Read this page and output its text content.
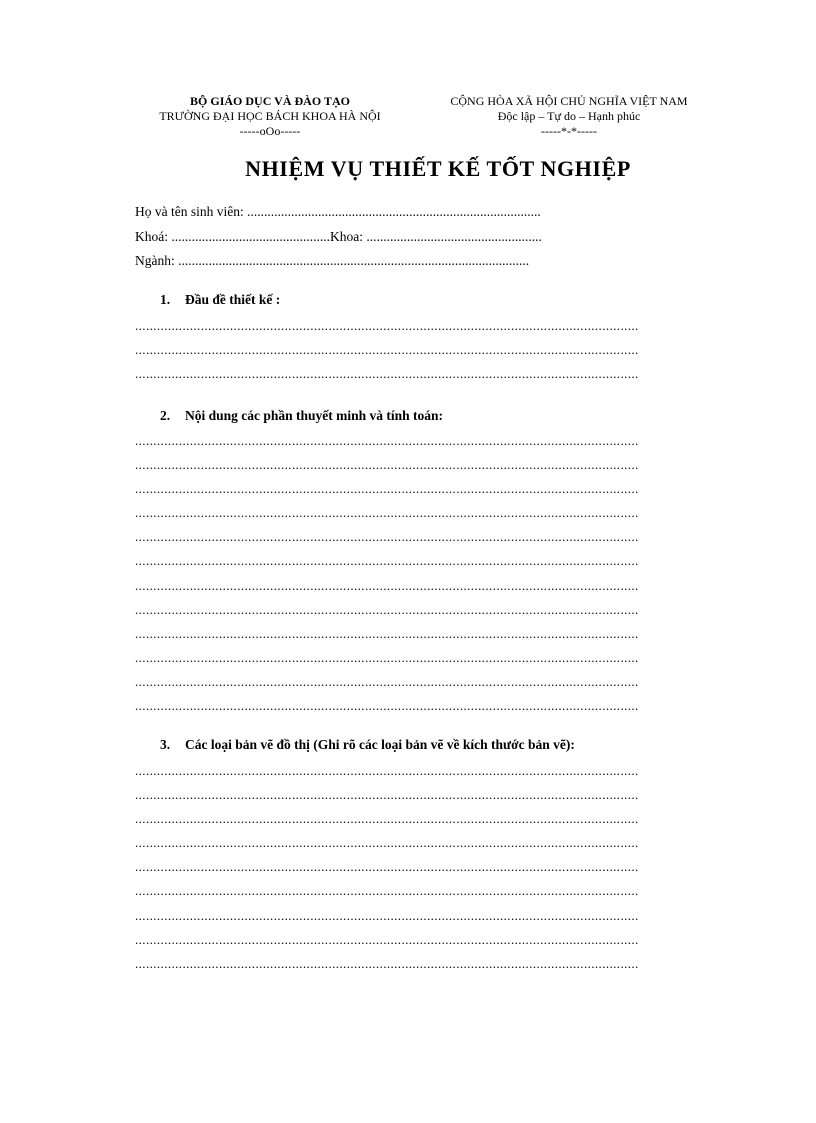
BỘ GIÁO DỤC VÀ ĐÀO TẠO
TRƯỜNG ĐẠI HỌC BÁCH KHOA HÀ NỘI
-----oOo-----
CỘNG HÒA XÃ HỘI CHỦ NGHĨA VIỆT NAM
Độc lập – Tự do – Hạnh phúc
-----*-*-----
NHIỆM VỤ THIẾT KẾ TỐT NGHIỆP
Họ và tên sinh viên: .......................................................................................
Khoá: ...............................................Khoa: ....................................................
Ngành: ........................................................................................................

1. Đầu đề thiết kế :

..........................................................................................................................................
..........................................................................................................................................
..........................................................................................................................................

2. Nội dung các phần thuyết minh và tính toán:

..........................................................................................................................................
..........................................................................................................................................
..........................................................................................................................................
..........................................................................................................................................
..........................................................................................................................................
..........................................................................................................................................
..........................................................................................................................................
..........................................................................................................................................
..........................................................................................................................................
..........................................................................................................................................
..........................................................................................................................................
..........................................................................................................................................

3. Các loại bản vẽ đồ thị (Ghi rõ các loại bản vẽ về kích thước bản vẽ):

..........................................................................................................................................
..........................................................................................................................................
..........................................................................................................................................
..........................................................................................................................................
..........................................................................................................................................
..........................................................................................................................................
..........................................................................................................................................
..........................................................................................................................................
..........................................................................................................................................
